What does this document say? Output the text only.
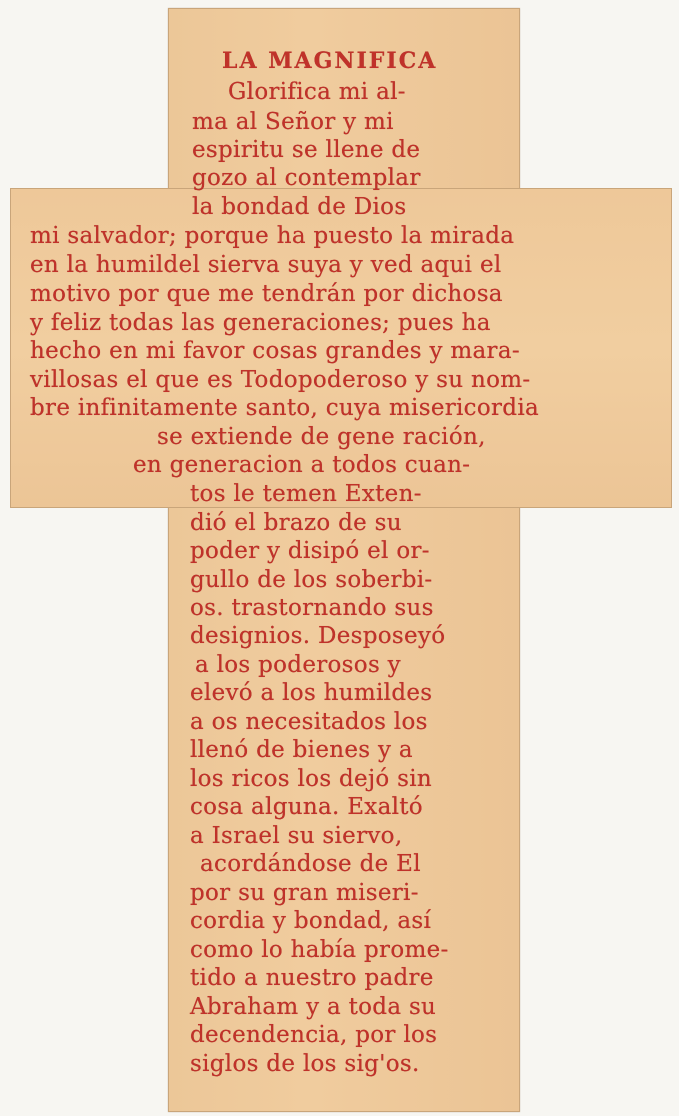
LA MAGNIFICA
Glorifica mi al-
ma al Señor y mi
espiritu se llene de
gozo al contemplar
la bondad de Dios
mi salvador; porque ha puesto la mirada
en la humildel sierva suya y ved aqui el
motivo por que me tendrán por dichosa
y feliz todas las generaciones; pues ha
hecho en mi favor cosas grandes y mara-
villosas el que es Todopoderoso y su nom-
bre infinitamente santo, cuya misericordia
se extiende de gene ración,
en generacion a todos cuan-
tos le temen Exten-
dió el brazo de su
poder y disipó el or-
gullo de los soberbi-
os. trastornando sus
designios. Desposeyó
a los poderosos y
elevó a los humildes
a os necesitados los
llenó de bienes y a
los ricos los dejó sin
cosa alguna. Exaltó
a Israel su siervo,
acordándose de El
por su gran miseri-
cordia y bondad, así
como lo había prome-
tido a nuestro padre
Abraham y a toda su
decendencia, por los
siglos de los sig'os.
